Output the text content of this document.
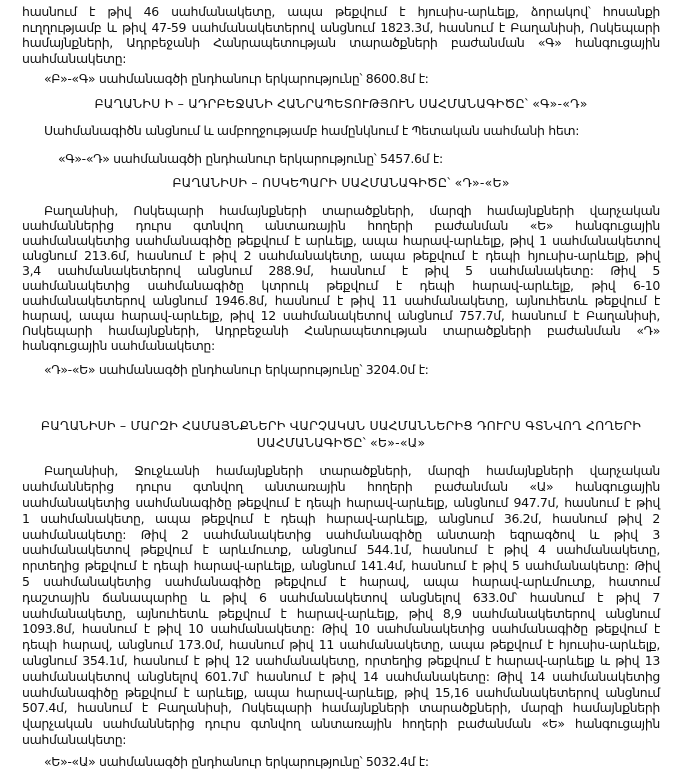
հասնում է թիվ 46 սահմանակետը, ապա թեքվում է հյուսիս-արևելք, ձորակով՝ հոսանքի
ուղղությամբ և թիվ 47-59 սահմանակետերով անցնում 1823.3մ, հասնում է Բաղանիսի, Ոսկեպարի
համայնքների, Ադրբեջանի Հանրապետության տարածքների բաժանման «Գ» հանգուցային
սահմանակետը:
«Բ»-«Գ» սահմանագծի ընդհանուր երկարությունը՝ 8600.8մ է:
ԲԱՂԱՆԻՍ Ի – ԱԴՐԲԵՋԱՆԻ ՀԱՆՐԱՊԵՏՈՒԹՅՈՒՆ ՍԱՀՄԱՆԱԳԻԾԸ՝ «Գ»-«Դ»
Սահմանագիծն անցնում և ամբողջությամբ համընկնում է Պետական սահմանի հետ:
«Գ»-«Դ» սահմանագծի ընդհանուր երկարությունը՝ 5457.6մ է:
ԲԱՂԱՆԻՍԻ – ՈՍԿԵՊԱՐԻ ՍԱՀՄԱՆԱԳԻԾԸ՝ «Դ»-«Ե»
Բաղանիսի, Ոսկեպարի համայնքների տարածքների, մարզի համայնքների վարչական
սահմաններից դուրս գտնվող անտառային հողերի բաժանման «Ե» հանգուցային
սահմանակետից սահմանագիծը թեքվում է արևելք, ապա հարավ-արևելք, թիվ 1 սահմանակետով
անցնում 213.6մ, հասնում է թիվ 2 սահմանակետը, ապա թեքվում է դեպի հյուսիս-արևելք, թիվ
3,4 սահմանակետերով անցնում 288.9մ, հասնում է թիվ 5 սահմանակետը: Թիվ 5
սահմանակետից սահմանագիծը կտրուկ թեքվում է դեպի հարավ-արևելք, թիվ 6-10
սահմանակետերով անցնում 1946.8մ, հասնում է թիվ 11 սահմանակետը, այնուհետև թեքվում է
հարավ, ապա հարավ-արևելք, թիվ 12 սահմանակետով անցնում 757.7մ, հասնում է Բաղանիսի,
Ոսկեպարի համայնքների, Ադրբեջանի Հանրապետության տարածքների բաժանման «Դ»
հանգուցային սահմանակետը:
«Դ»-«Ե» սահմանագծի ընդհանուր երկարությունը՝ 3204.0մ է:
ԲԱՂԱՆԻՍԻ – ՄԱՐԶԻ ՀԱՄԱՅՆՔՆԵՐԻ ՎԱՐՉԱԿԱՆ ՍԱՀՄԱՆՆԵՐԻՑ ԴՈՒՐՍ ԳՏՆՎՈՂ ՀՈՂԵՐԻ
ՍԱՀՄԱՆԱԳԻԾԸ՝ «Ե»-«Ա»
Բաղանիսի, Ջուջևանի համայնքների տարածքների, մարզի համայնքների վարչական
սահմաններից դուրս գտնվող անտառային հողերի բաժանման «Ա» հանգուցային
սահմանակետից սահմանագիծը թեքվում է դեպի հարավ-արևելք, անցնում 947.7մ, հասնում է թիվ
1 սահմանակետը, ապա թեքվում է դեպի հարավ-արևելք, անցնում 36.2մ, հասնում թիվ 2
սահմանակետը: Թիվ 2 սահմանակետից սահմանագիծը անտառի եզրագծով և թիվ 3
սահմանակետով թեքվում է արևմուտք, անցնում 544.1մ, հասնում է թիվ 4 սահմանակետը,
որտեղից թեքվում է դեպի հարավ-արևելք, անցնում 141.4մ, հասնում է թիվ 5 սահմանակետը: Թիվ
5 սահմանակետից սահմանագիծը թեքվում է հարավ, ապա հարավ-արևմուտք, հատում
դաշտային ճանապարհը և թիվ 6 սահմանակետով անցնելով 633.0մ՝ հասնում է թիվ 7
սահմանակետը, այնուհետև թեքվում է հարավ-արևելք, թիվ 8,9 սահմանակետերով անցնում
1093.8մ, հասնում է թիվ 10 սահմանակետը: Թիվ 10 սահմանակետից սահմանագիծը թեքվում է
դեպի հարավ, անցնում 173.0մ, հասնում թիվ 11 սահմանակետը, ապա թեքվում է հյուսիս-արևելք,
անցնում 354.1մ, հասնում է թիվ 12 սահմանակետը, որտեղից թեքվում է հարավ-արևելք և թիվ 13
սահմանակետով անցնելով 601.7մ՝ հասնում է թիվ 14 սահմանակետը: Թիվ 14 սահմանակետից
սահմանագիծը թեքվում է արևելք, ապա հարավ-արևելք, թիվ 15,16 սահմանակետերով անցնում
507.4մ, հասնում է Բաղանիսի, Ոսկեպարի համայնքների տարածքների, մարզի համայնքների
վարչական սահմաններից դուրս գտնվող անտառային հողերի բաժանման «Ե» հանգուցային
սահմանակետը:
«Ե»-«Ա» սահմանագծի ընդհանուր երկարությունը՝ 5032.4մ է:
